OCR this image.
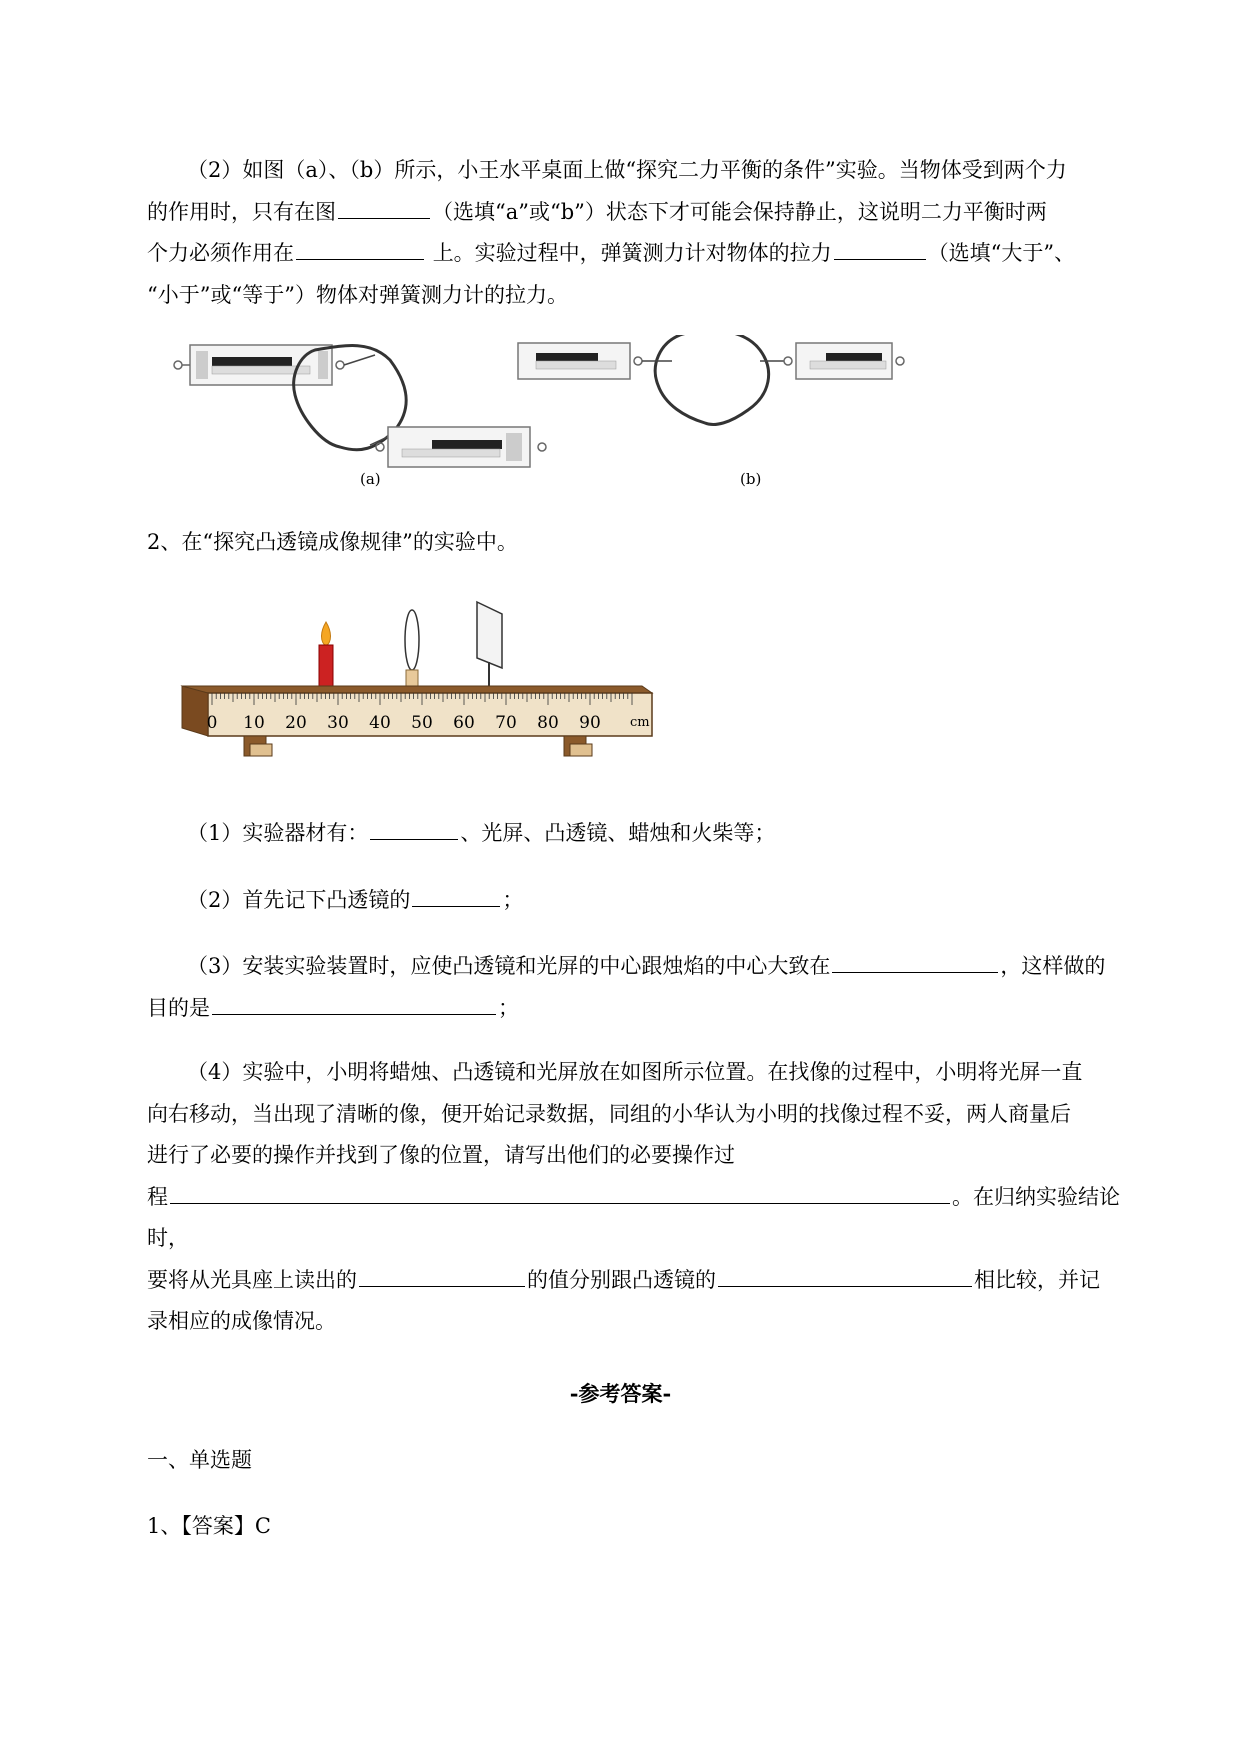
（2）如图（a）、（b）所示，小王水平桌面上做“探究二力平衡的条件”实验。当物体受到两个力
的作用时，只有在图	（选填“a”或“b”）状态下才可能会保持静止，这说明二力平衡时两
个力必须作用在	上。实验过程中，弹簧测力计对物体的拉力	（选填“大于”、
“小于”或“等于”）物体对弹簧测力计的拉力。
(a)	(b)
2、在“探究凸透镜成像规律”的实验中。
0 10 20 30 40 50 60 70 80 90 cm
（1）实验器材有：	、光屏、凸透镜、蜡烛和火柴等；
（2）首先记下凸透镜的	；
（3）安装实验装置时，应使凸透镜和光屏的中心跟烛焰的中心大致在	，这样做的
目的是	；
（4）实验中，小明将蜡烛、凸透镜和光屏放在如图所示位置。在找像的过程中，小明将光屏一直
向右移动，当出现了清晰的像，便开始记录数据，同组的小华认为小明的找像过程不妥，两人商量后
进行了必要的操作并找到了像的位置，请写出他们的必要操作过
程	。在归纳实验结论时，
要将从光具座上读出的	的值分别跟凸透镜的	相比较，并记
录相应的成像情况。
-参考答案-
一、单选题
1、【答案】C
